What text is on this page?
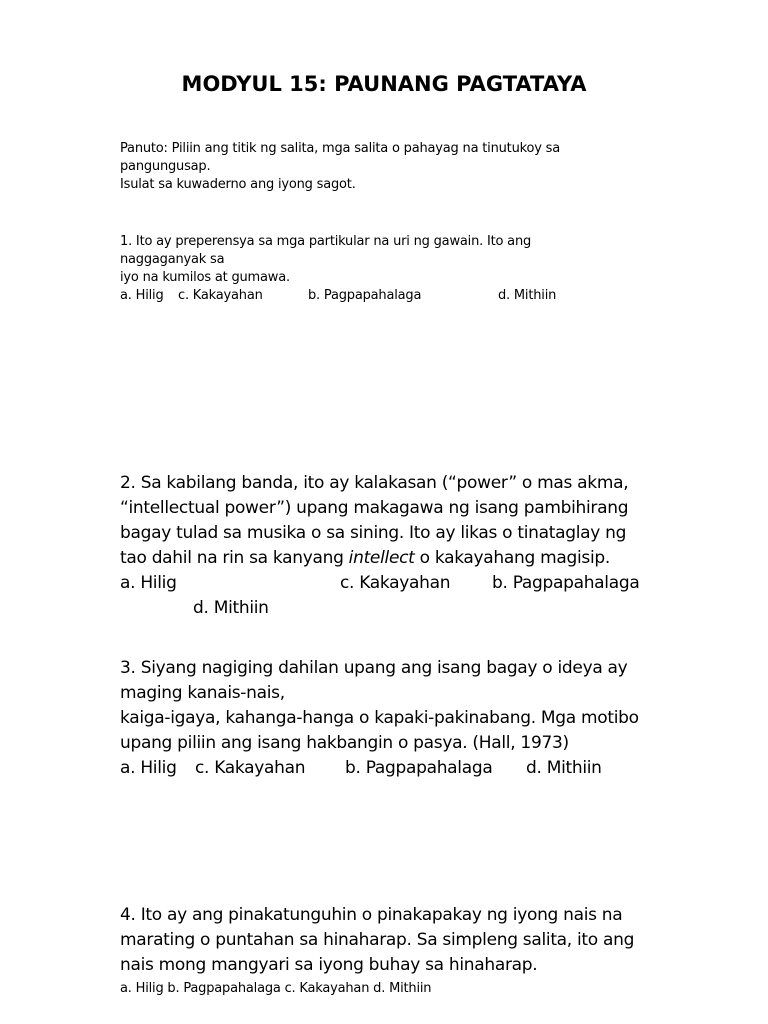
MODYUL 15: PAUNANG PAGTATAYA
Panuto: Piliin ang titik ng salita, mga salita o pahayag na tinutukoy sa
pangungusap.
Isulat sa kuwaderno ang iyong sagot.
1. Ito ay preperensya sa mga partikular na uri ng gawain. Ito ang
naggaganyak sa
iyo na kumilos at gumawa.
a. Hilig c. Kakayahan	b. Pagpapahalaga	d. Mithiin
2. Sa kabilang banda, ito ay kalakasan (“power” o mas akma,
“intellectual power”) upang makagawa ng isang pambihirang
bagay tulad sa musika o sa sining. Ito ay likas o tinataglay ng
tao dahil na rin sa kanyang intellect o kakayahang magisip.
a. Hilig	c. Kakayahan b. Pagpapahalaga
d. Mithiin
3. Siyang nagiging dahilan upang ang isang bagay o ideya ay
maging kanais-nais,
kaiga-igaya, kahanga-hanga o kapaki-pakinabang. Mga motibo
upang piliin ang isang hakbangin o pasya. (Hall, 1973)
a. Hilig c. Kakayahan b. Pagpapahalaga d. Mithiin
4. Ito ay ang pinakatunguhin o pinakapakay ng iyong nais na
marating o puntahan sa hinaharap. Sa simpleng salita, ito ang
nais mong mangyari sa iyong buhay sa hinaharap.
a. Hilig b. Pagpapahalaga c. Kakayahan d. Mithiin
